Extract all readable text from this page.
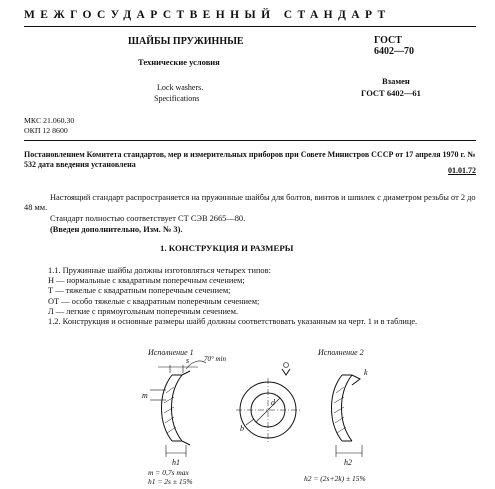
МЕЖГОСУДАРСТВЕННЫЙ СТАНДАРТ
ШАЙБЫ ПРУЖИННЫЕ
Технические условия
Lock washers.
Specifications
ГОСТ
6402—70
Взамен
ГОСТ 6402—61
МКС 21.060.30
ОКП 12 8600
Постановлением Комитета стандартов, мер и измерительных приборов при Совете Министров СССР от 17 апреля 1970 г. № 532 дата введения установлена
01.01.72
Настоящий стандарт распространяется на пружинные шайбы для болтов, винтов и шпилек с диаметром резьбы от 2 до 48 мм.
Стандарт полностью соответствует СТ СЭВ 2665—80.
(Введен дополнительно, Изм. № 3).
1. КОНСТРУКЦИЯ И РАЗМЕРЫ
1.1. Пружинные шайбы должны изготовляться четырех типов:
Н — нормальные с квадратным поперечным сечением;
Т — тяжелые с квадратным поперечным сечением;
ОТ — особо тяжелые с квадратным поперечным сечением;
Л — легкие с прямоугольным поперечным сечением.
1.2. Конструкция и основные размеры шайб должны соответствовать указанным на черт. 1 и в таблице.
Исполнение 1	Исполнение 2
70° min
s
m
h1
d
b
k
h2
m = 0,7s max
h1 = 2s ± 15%	h2 = (2s+2k) ± 15%
